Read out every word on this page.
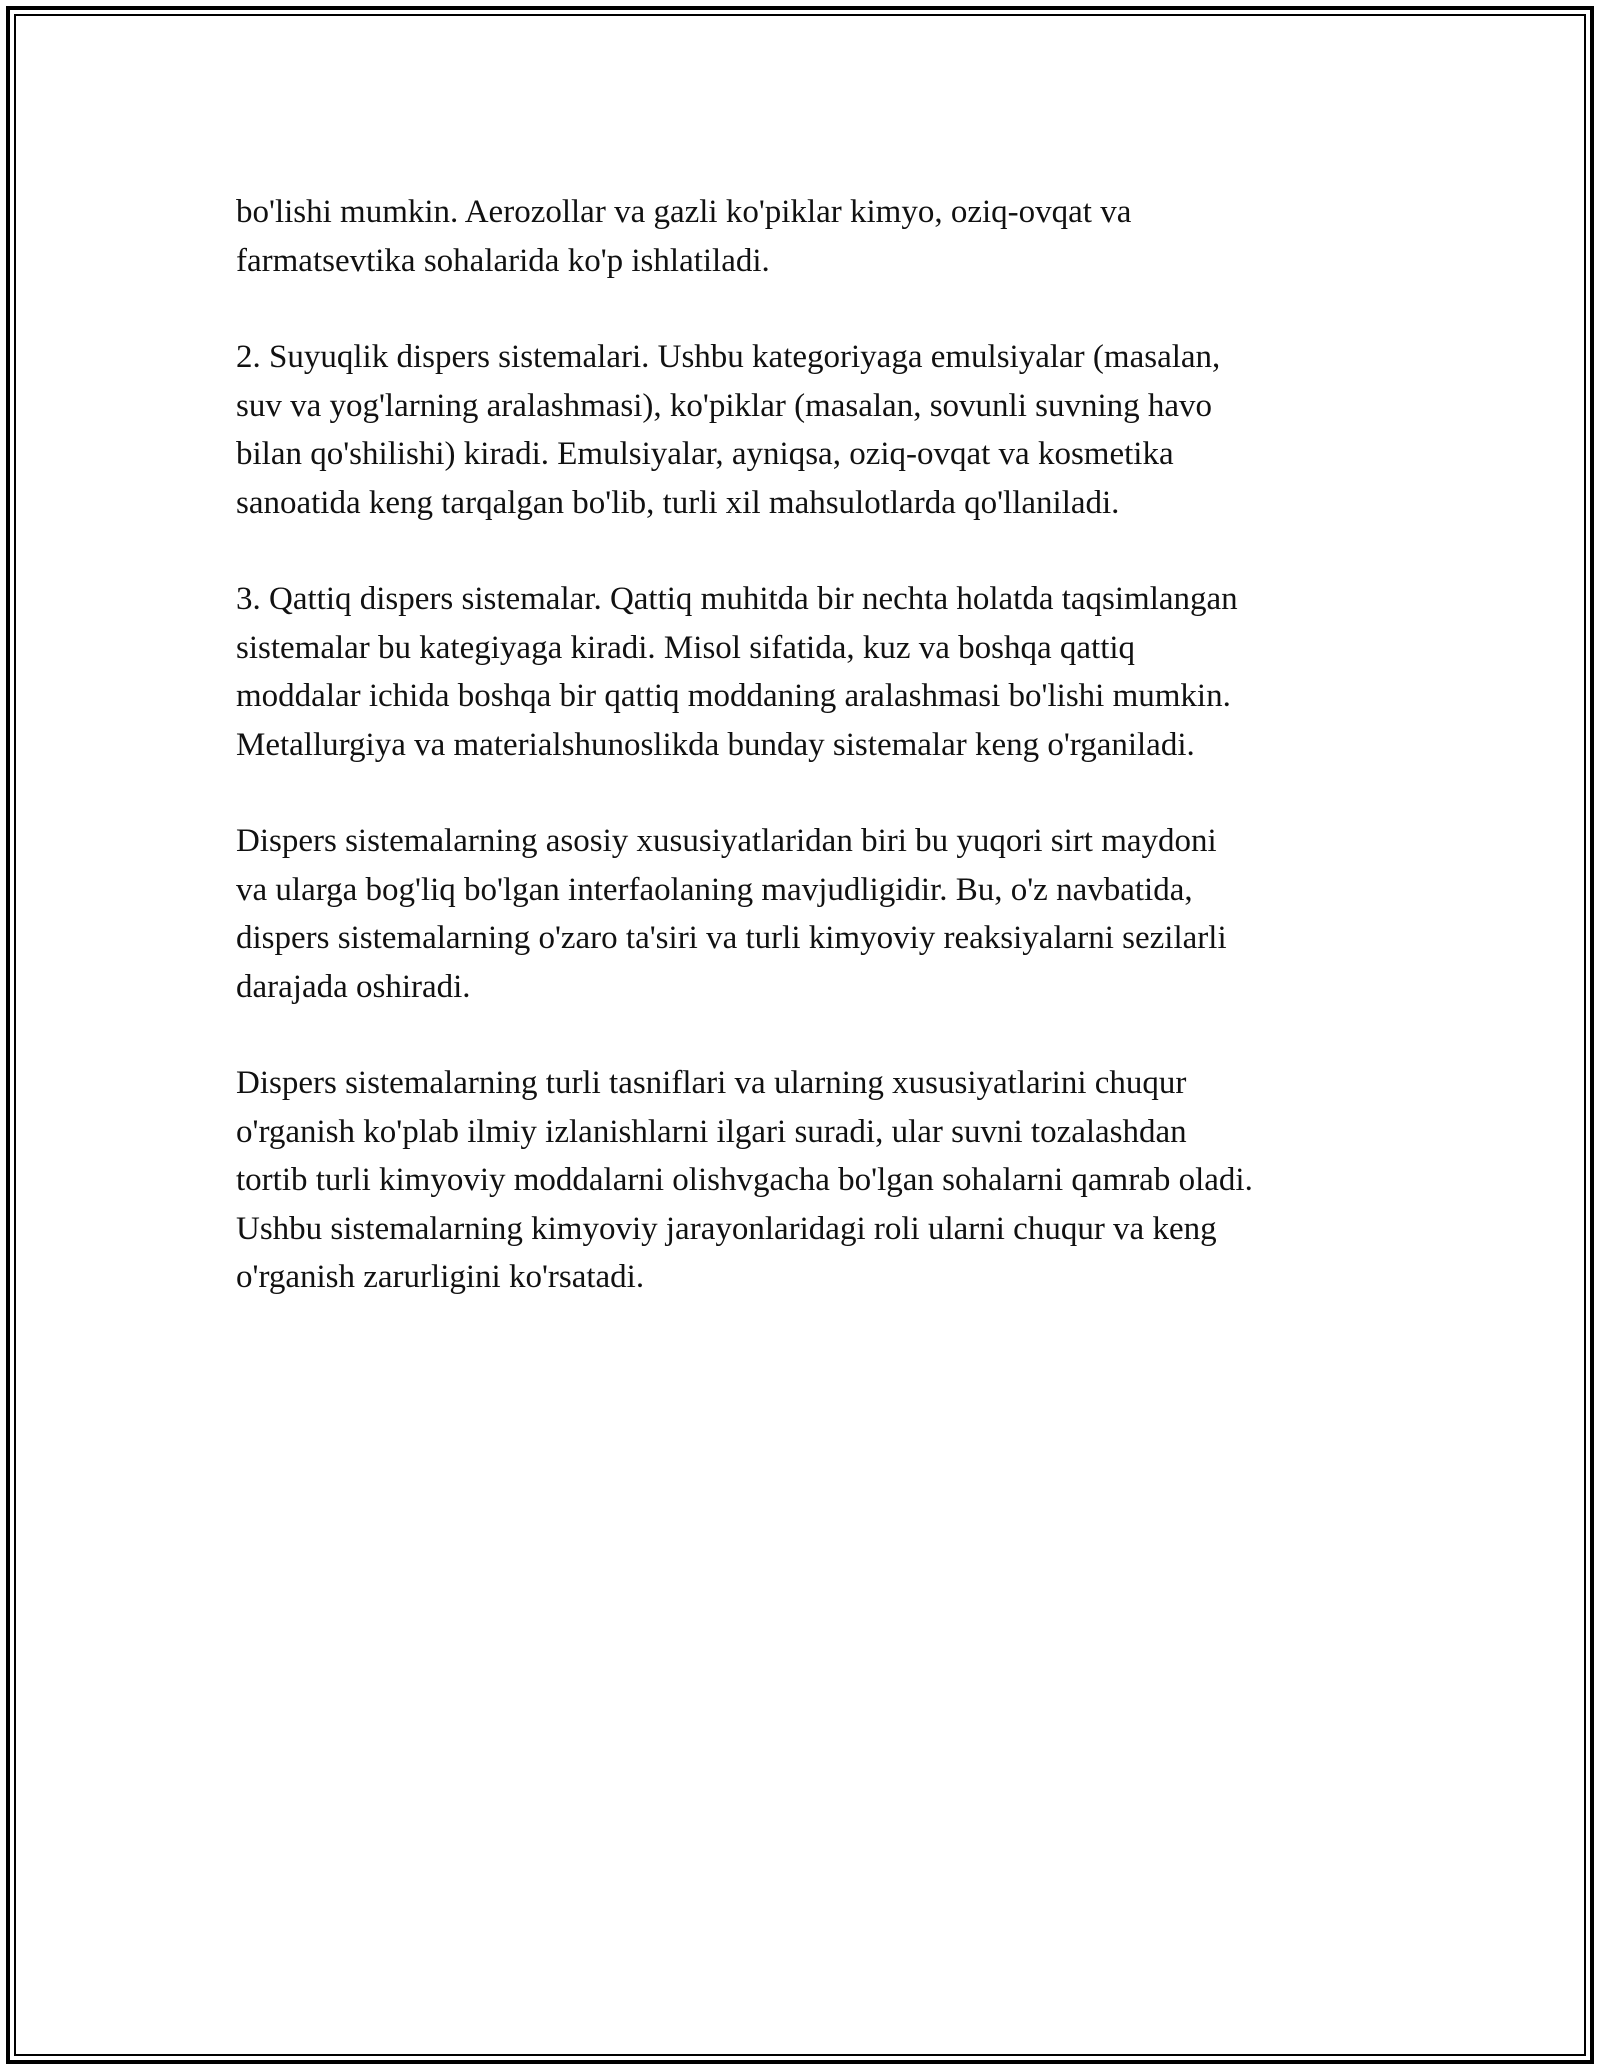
bo'lishi mumkin. Aerozollar va gazli ko'piklar kimyo, oziq-ovqat va
farmatsevtika sohalarida ko'p ishlatiladi.

2. Suyuqlik dispers sistemalari. Ushbu kategoriyaga emulsiyalar (masalan,
suv va yog'larning aralashmasi), ko'piklar (masalan, sovunli suvning havo
bilan qo'shilishi) kiradi. Emulsiyalar, ayniqsa, oziq-ovqat va kosmetika
sanoatida keng tarqalgan bo'lib, turli xil mahsulotlarda qo'llaniladi.

3. Qattiq dispers sistemalar. Qattiq muhitda bir nechta holatda taqsimlangan
sistemalar bu kategiyaga kiradi. Misol sifatida, kuz va boshqa qattiq
moddalar ichida boshqa bir qattiq moddaning aralashmasi bo'lishi mumkin.
Metallurgiya va materialshunoslikda bunday sistemalar keng o'rganiladi.

Dispers sistemalarning asosiy xususiyatlaridan biri bu yuqori sirt maydoni
va ularga bog'liq bo'lgan interfaolaning mavjudligidir. Bu, o'z navbatida,
dispers sistemalarning o'zaro ta'siri va turli kimyoviy reaksiyalarni sezilarli
darajada oshiradi.

Dispers sistemalarning turli tasniflari va ularning xususiyatlarini chuqur
o'rganish ko'plab ilmiy izlanishlarni ilgari suradi, ular suvni tozalashdan
tortib turli kimyoviy moddalarni olishvgacha bo'lgan sohalarni qamrab oladi.
Ushbu sistemalarning kimyoviy jarayonlaridagi roli ularni chuqur va keng
o'rganish zarurligini ko'rsatadi.
